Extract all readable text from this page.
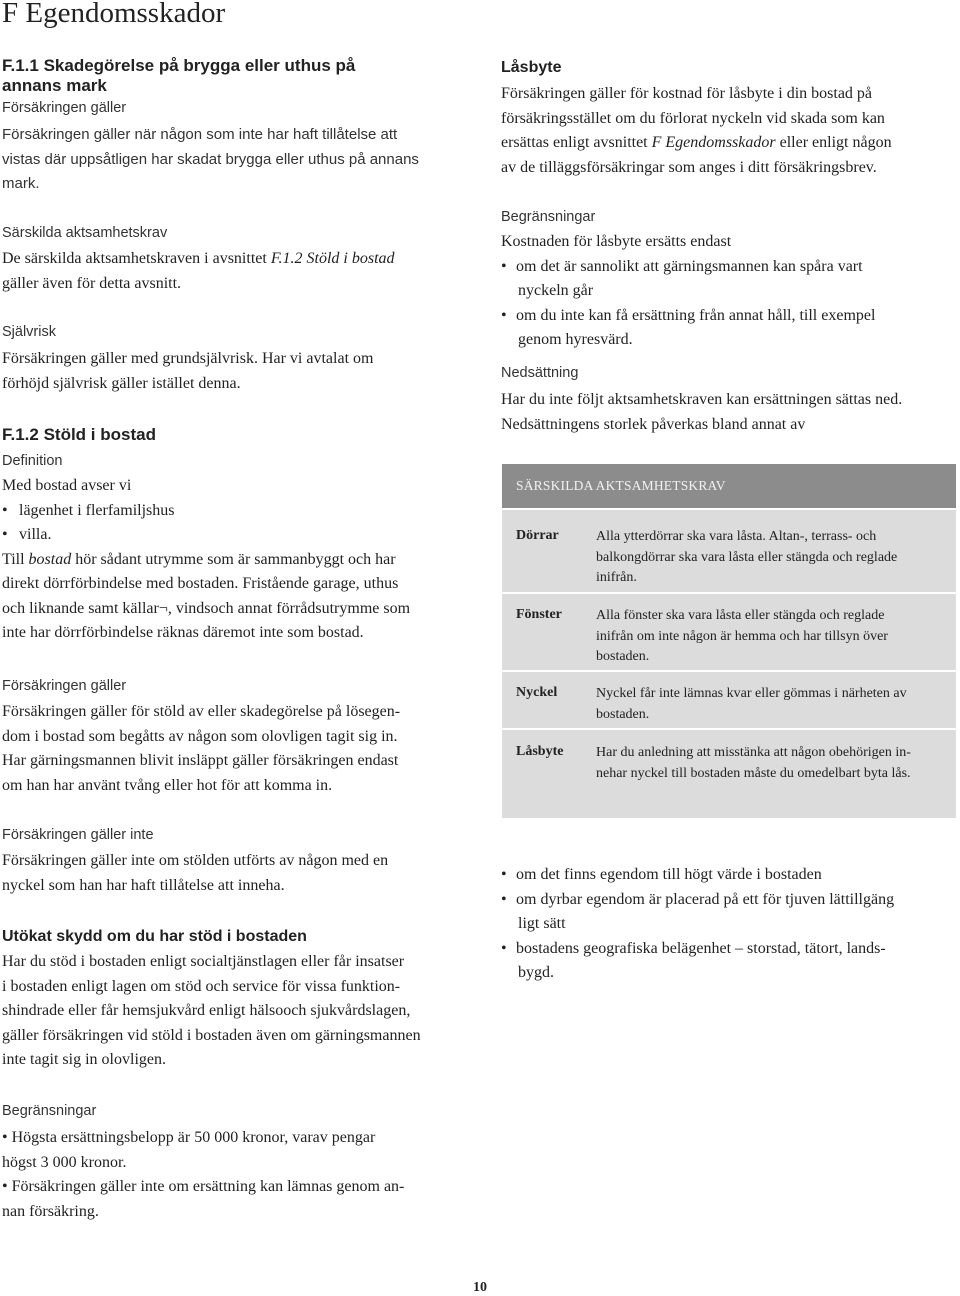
F Egendomsskador
F.1.1 Skadegörelse på brygga eller uthus på
annans mark
Försäkringen gäller
Försäkringen gäller när någon som inte har haft tillåtelse att
vistas där uppsåtligen har skadat brygga eller uthus på annans
mark.
Särskilda aktsamhetskrav
De särskilda aktsamhetskraven i avsnittet F.1.2 Stöld i bostad
gäller även för detta avsnitt.
Självrisk
Försäkringen gäller med grundsjälvrisk. Har vi avtalat om
förhöjd självrisk gäller istället denna.
F.1.2 Stöld i bostad
Definition
Med bostad avser vi
• lägenhet i flerfamiljshus
• villa.
Till bostad hör sådant utrymme som är sammanbyggt och har
direkt dörrförbindelse med bostaden. Fristående garage, uthus
och liknande samt källar¬, vindsoch annat förrådsutrymme som
inte har dörrförbindelse räknas däremot inte som bostad.
Försäkringen gäller
Försäkringen gäller för stöld av eller skadegörelse på lösegen-
dom i bostad som begåtts av någon som olovligen tagit sig in.
Har gärningsmannen blivit insläppt gäller försäkringen endast
om han har använt tvång eller hot för att komma in.
Försäkringen gäller inte
Försäkringen gäller inte om stölden utförts av någon med en
nyckel som han har haft tillåtelse att inneha.
Utökat skydd om du har stöd i bostaden
Har du stöd i bostaden enligt socialtjänstlagen eller får insatser
i bostaden enligt lagen om stöd och service för vissa funktion-
shindrade eller får hemsjukvård enligt hälsooch sjukvårdslagen,
gäller försäkringen vid stöld i bostaden även om gärningsmannen
inte tagit sig in olovligen.
Begränsningar
• Högsta ersättningsbelopp är 50 000 kronor, varav pengar
högst 3 000 kronor.
• Försäkringen gäller inte om ersättning kan lämnas genom an-
nan försäkring.
Låsbyte
Försäkringen gäller för kostnad för låsbyte i din bostad på
försäkringsstället om du förlorat nyckeln vid skada som kan
ersättas enligt avsnittet F Egendomsskador eller enligt någon
av de tilläggsförsäkringar som anges i ditt försäkringsbrev.
Begränsningar
Kostnaden för låsbyte ersätts endast
• om det är sannolikt att gärningsmannen kan spåra vart
nyckeln går
• om du inte kan få ersättning från annat håll, till exempel
genom hyresvärd.
Nedsättning
Har du inte följt aktsamhetskraven kan ersättningen sättas ned.
Nedsättningens storlek påverkas bland annat av
SÄRSKILDA AKTSAMHETSKRAV
Dörrar	Alla ytterdörrar ska vara låsta. Altan-, terrass- och
balkongdörrar ska vara låsta eller stängda och reglade
inifrån.
Fönster Alla fönster ska vara låsta eller stängda och reglade
inifrån om inte någon är hemma och har tillsyn över
bostaden.
Nyckel	Nyckel får inte lämnas kvar eller gömmas i närheten av
bostaden.
Låsbyte Har du anledning att misstänka att någon obehörigen in-
nehar nyckel till bostaden måste du omedelbart byta lås.
• om det finns egendom till högt värde i bostaden
• om dyrbar egendom är placerad på ett för tjuven lättillgäng
ligt sätt
• bostadens geografiska belägenhet – storstad, tätort, lands-
bygd.
10
